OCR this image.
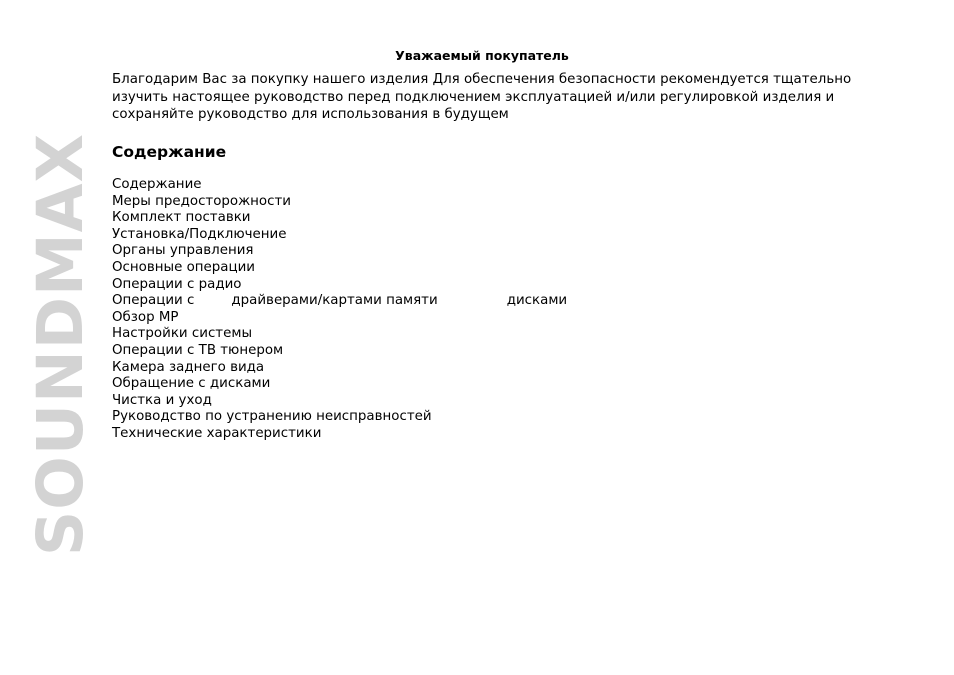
SOUNDMAX
Уважаемый покупатель
Благодарим Вас за покупку нашего изделия Для обеспечения безопасности рекомендуется тщательно
изучить настоящее руководство перед подключением эксплуатацией и/или регулировкой изделия и
сохраняйте руководство для использования в будущем
Содержание
Содержание
Меры предосторожности
Комплект поставки
Установка/Подключение
Органы управления
Основные операции
Операции с радио
Операции с	драйверами/картами памяти	дисками
Обзор МР
Настройки системы
Операции с ТВ тюнером
Камера заднего вида
Обращение с дисками
Чистка и уход
Руководство по устранению неисправностей
Технические характеристики
